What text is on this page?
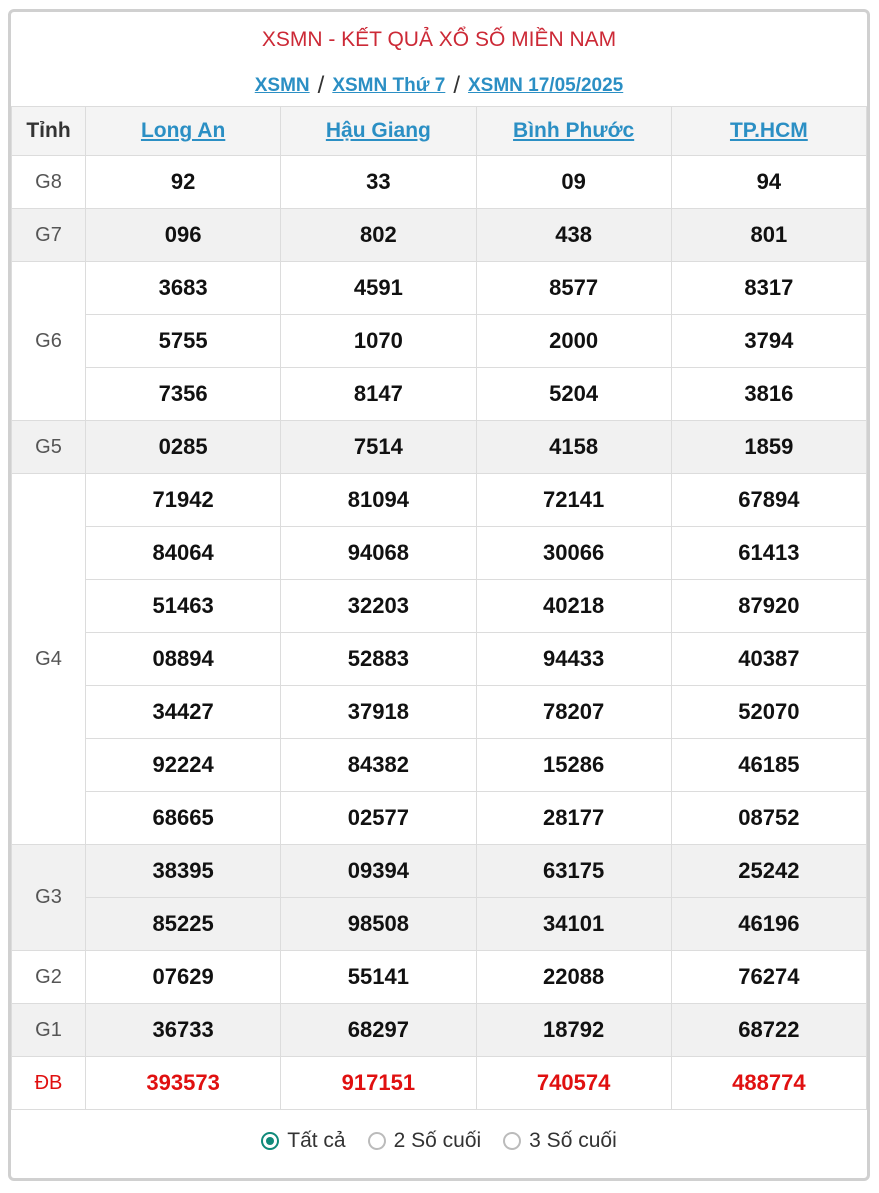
XSMN - KẾT QUẢ XỔ SỐ MIỀN NAM
XSMN / XSMN Thứ 7 / XSMN 17/05/2025
Tỉnh	Long An	Hậu Giang	Bình Phước	TP.HCM
G8	92	33	09	94
G7	096	802	438	801
G6	3683	4591	8577	8317
	5755	1070	2000	3794
	7356	8147	5204	3816
G5	0285	7514	4158	1859
G4	71942	81094	72141	67894
	84064	94068	30066	61413
	51463	32203	40218	87920
	08894	52883	94433	40387
	34427	37918	78207	52070
	92224	84382	15286	46185
	68665	02577	28177	08752
G3	38395	09394	63175	25242
	85225	98508	34101	46196
G2	07629	55141	22088	76274
G1	36733	68297	18792	68722
ĐB	393573	917151	740574	488774
Tất cả 2 Số cuối 3 Số cuối
